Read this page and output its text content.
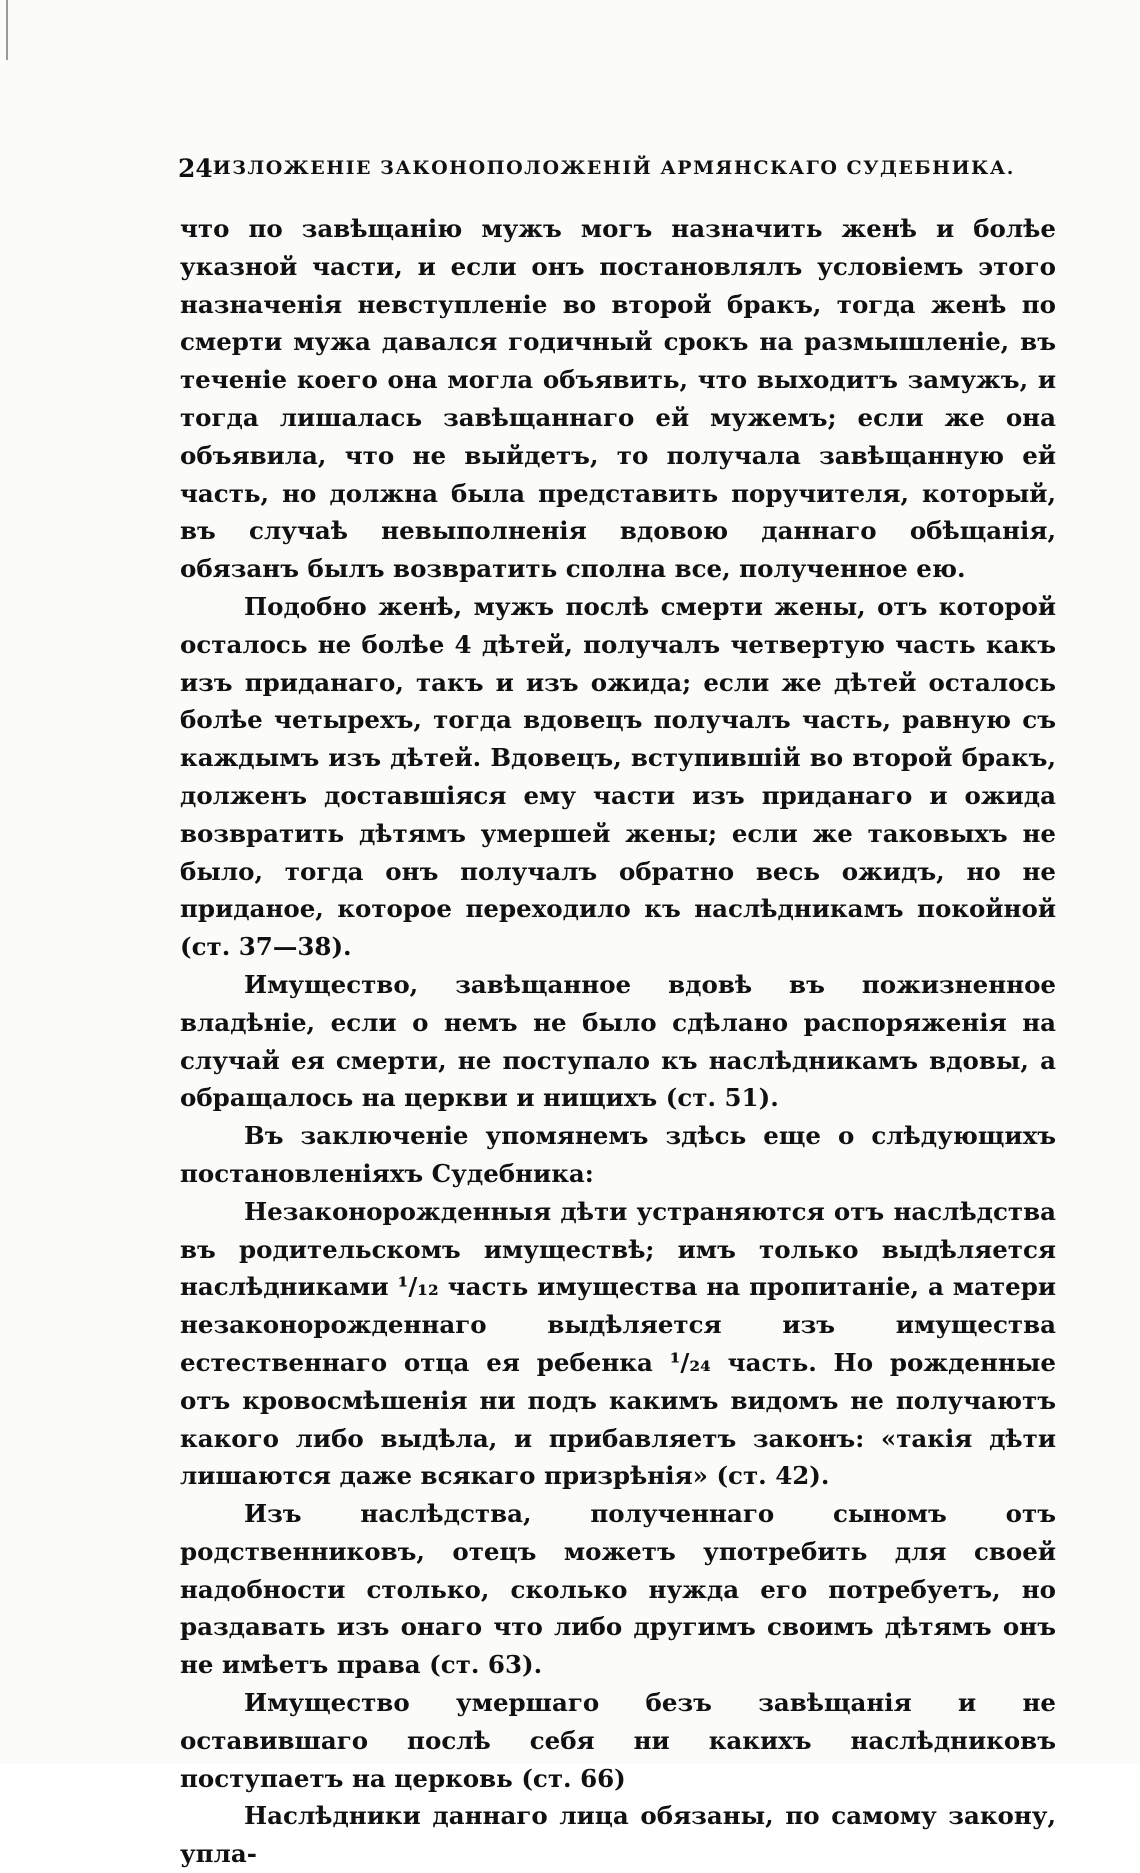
24 ИЗЛОЖЕНІЕ ЗАКОНОПОЛОЖЕНІЙ АРМЯНСКАГО СУДЕБНИКА.

что по завѣщанію мужъ могъ назначить женѣ и болѣе указной части, и если онъ постановлялъ условіемъ этого назначенія невступленіе во второй бракъ, тогда женѣ по смерти мужа давался годичный срокъ на размышленіе, въ теченіе коего она могла объявить, что выходитъ замужъ, и тогда лишалась завѣщаннаго ей мужемъ; если же она объявила, что не выйдетъ, то получала завѣщанную ей часть, но должна была представить поручителя, который, въ случаѣ невыполненія вдовою даннаго обѣщанія, обязанъ былъ возвратить сполна все, полученное ею.

Подобно женѣ, мужъ послѣ смерти жены, отъ которой осталось не болѣе 4 дѣтей, получалъ четвертую часть какъ изъ приданаго, такъ и изъ ожида; если же дѣтей осталось болѣе четырехъ, тогда вдовецъ получалъ часть, равную съ каждымъ изъ дѣтей. Вдовецъ, вступившій во второй бракъ, долженъ доставшіяся ему части изъ приданаго и ожида возвратить дѣтямъ умершей жены; если же таковыхъ не было, тогда онъ получалъ обратно весь ожидъ, но не приданое, которое переходило къ наслѣдникамъ покойной (ст. 37—38).

Имущество, завѣщанное вдовѣ въ пожизненное владѣніе, если о немъ не было сдѣлано распоряженія на случай ея смерти, не поступало къ наслѣдникамъ вдовы, а обращалось на церкви и нищихъ (ст. 51).

Въ заключеніе упомянемъ здѣсь еще о слѣдующихъ постановленіяхъ Судебника:

Незаконорожденныя дѣти устраняются отъ наслѣдства въ родительскомъ имуществѣ; имъ только выдѣляется наслѣдниками ¹/₁₂ часть имущества на пропитаніе, а матери незаконорожденнаго выдѣляется изъ имущества естественнаго отца ея ребенка ¹/₂₄ часть. Но рожденные отъ кровосмѣшенія ни подъ какимъ видомъ не получаютъ какого либо выдѣла, и прибавляетъ законъ: «такія дѣти лишаются даже всякаго призрѣнія» (ст. 42).

Изъ наслѣдства, полученнаго сыномъ отъ родственниковъ, отецъ можетъ употребить для своей надобности столько, сколько нужда его потребуетъ, но раздавать изъ онаго что либо другимъ своимъ дѣтямъ онъ не имѣетъ права (ст. 63).

Имущество умершаго безъ завѣщанія и не оставившаго послѣ себя ни какихъ наслѣдниковъ поступаетъ на церковь (ст. 66)

Наслѣдники даннаго лица обязаны, по самому закону, упла-
